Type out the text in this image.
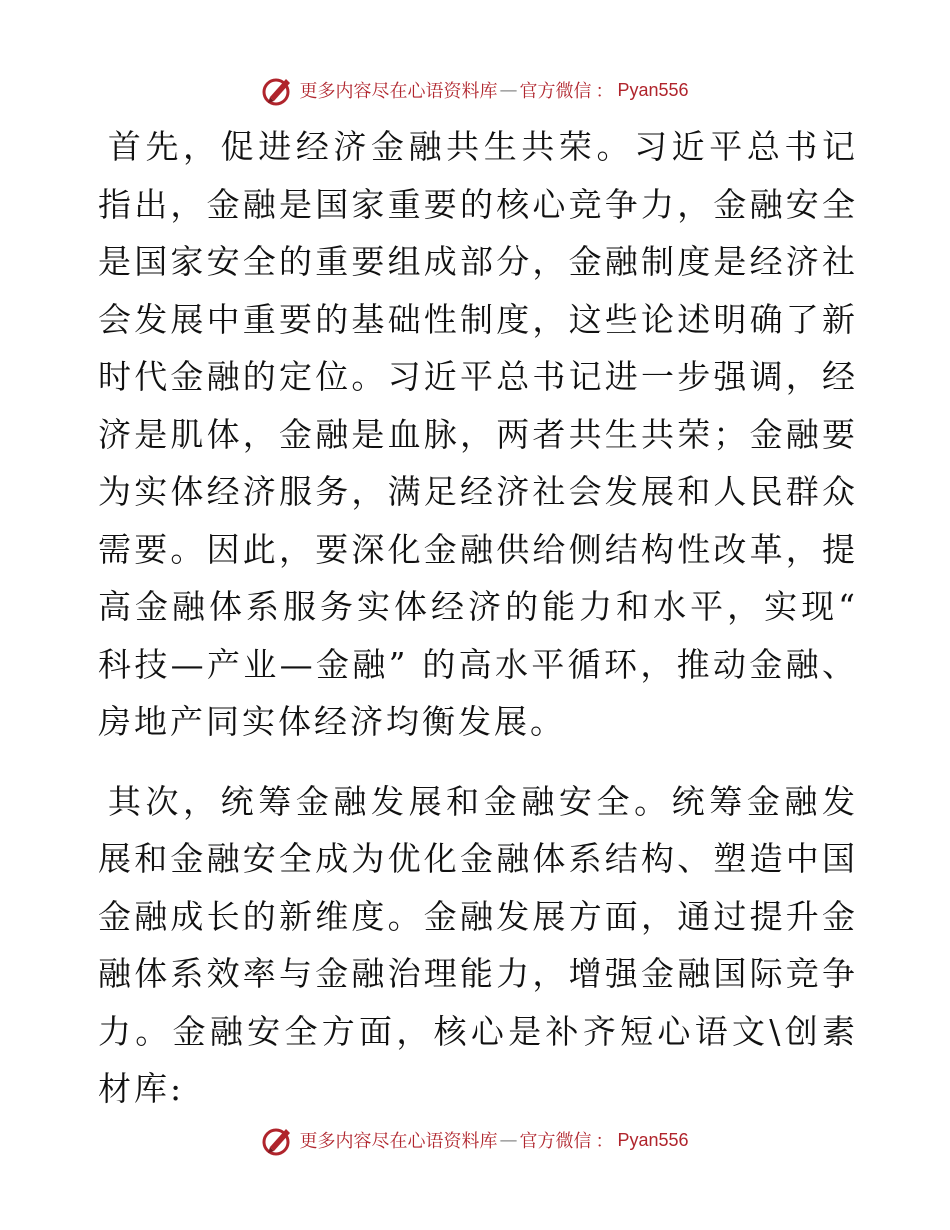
更多内容尽在心语资料库 — 官方微信 ： Pyan556

首先，促进经济金融共生共荣。习近平总书记指出，金融是国家重要的核心竞争力，金融安全是国家安全的重要组成部分，金融制度是经济社会发展中重要的基础性制度，这些论述明确了新时代金融的定位。习近平总书记进一步强调，经济是肌体，金融是血脉，两者共生共荣；金融要为实体经济服务，满足经济社会发展和人民群众需要。因此，要深化金融供给侧结构性改革，提高金融体系服务实体经济的能力和水平，实现“ 科技—产业—金融” 的高水平循环，推动金融、房地产同实体经济均衡发展。

其次，统筹金融发展和金融安全。统筹金融发展和金融安全成为优化金融体系结构、塑造中国金融成长的新维度。金融发展方面，通过提升金融体系效率与金融治理能力，增强金融国际竞争力。金融安全方面，核心是补齐短心语文\创素材库:

更多内容尽在心语资料库 — 官方微信 ： Pyan556
